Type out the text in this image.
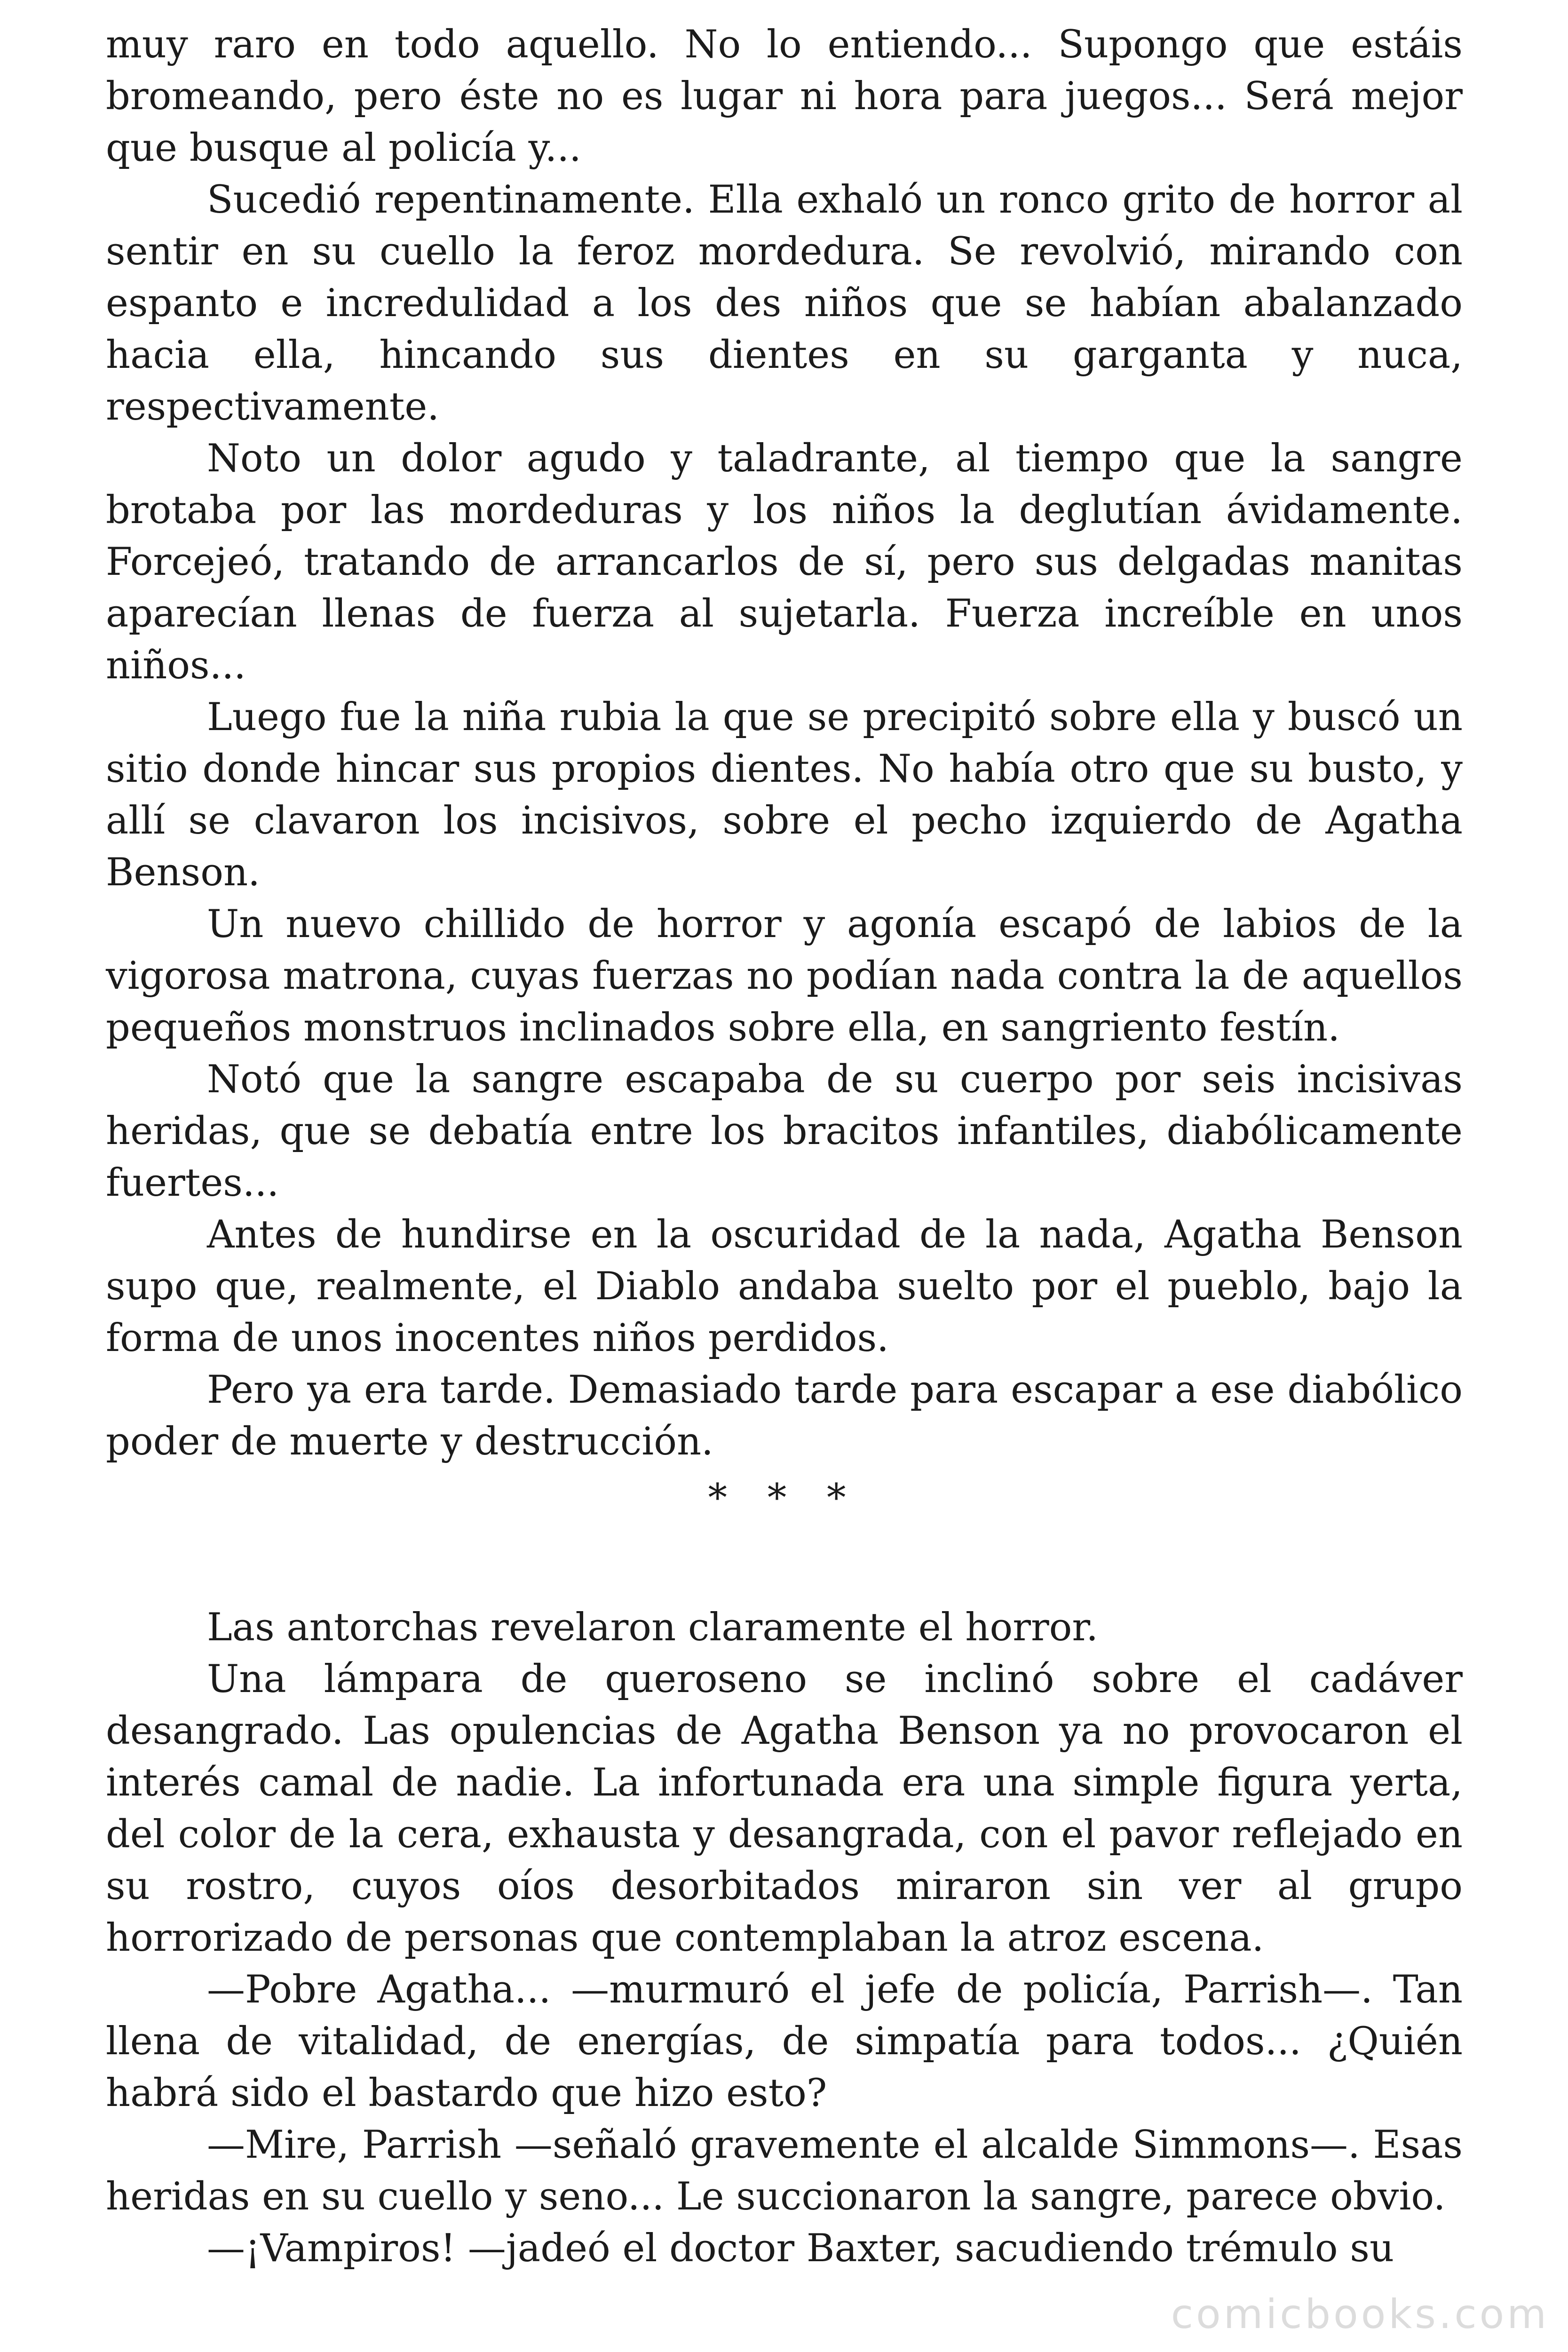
muy raro en todo aquello. No lo entiendo... Supongo que estáis bromeando, pero éste no es lugar ni hora para juegos... Será mejor que busque al policía y...

Sucedió repentinamente. Ella exhaló un ronco grito de horror al sentir en su cuello la feroz mordedura. Se revolvió, mirando con espanto e incredulidad a los des niños que se habían abalanzado hacia ella, hincando sus dientes en su garganta y nuca, respectivamente.

Noto un dolor agudo y taladrante, al tiempo que la sangre brotaba por las mordeduras y los niños la deglutían ávidamente. Forcejeó, tratando de arrancarlos de sí, pero sus delgadas manitas aparecían llenas de fuerza al sujetarla. Fuerza increíble en unos niños...

Luego fue la niña rubia la que se precipitó sobre ella y buscó un sitio donde hincar sus propios dientes. No había otro que su busto, y allí se clavaron los incisivos, sobre el pecho izquierdo de Agatha Benson.

Un nuevo chillido de horror y agonía escapó de labios de la vigorosa matrona, cuyas fuerzas no podían nada contra la de aquellos pequeños monstruos inclinados sobre ella, en sangriento festín.

Notó que la sangre escapaba de su cuerpo por seis incisivas heridas, que se debatía entre los bracitos infantiles, diabólicamente fuertes...

Antes de hundirse en la oscuridad de la nada, Agatha Benson supo que, realmente, el Diablo andaba suelto por el pueblo, bajo la forma de unos inocentes niños perdidos.

Pero ya era tarde. Demasiado tarde para escapar a ese diabólico poder de muerte y destrucción.

* * *

Las antorchas revelaron claramente el horror.

Una lámpara de queroseno se inclinó sobre el cadáver desangrado. Las opulencias de Agatha Benson ya no provocaron el interés camal de nadie. La infortunada era una simple figura yerta, del color de la cera, exhausta y desangrada, con el pavor reflejado en su rostro, cuyos oíos desorbitados miraron sin ver al grupo horrorizado de personas que contemplaban la atroz escena.

—Pobre Agatha... —murmuró el jefe de policía, Parrish—. Tan llena de vitalidad, de energías, de simpatía para todos... ¿Quién habrá sido el bastardo que hizo esto?

—Mire, Parrish —señaló gravemente el alcalde Simmons—. Esas heridas en su cuello y seno... Le succionaron la sangre, parece obvio.

—¡Vampiros! —jadeó el doctor Baxter, sacudiendo trémulo su

comicbooks.com
